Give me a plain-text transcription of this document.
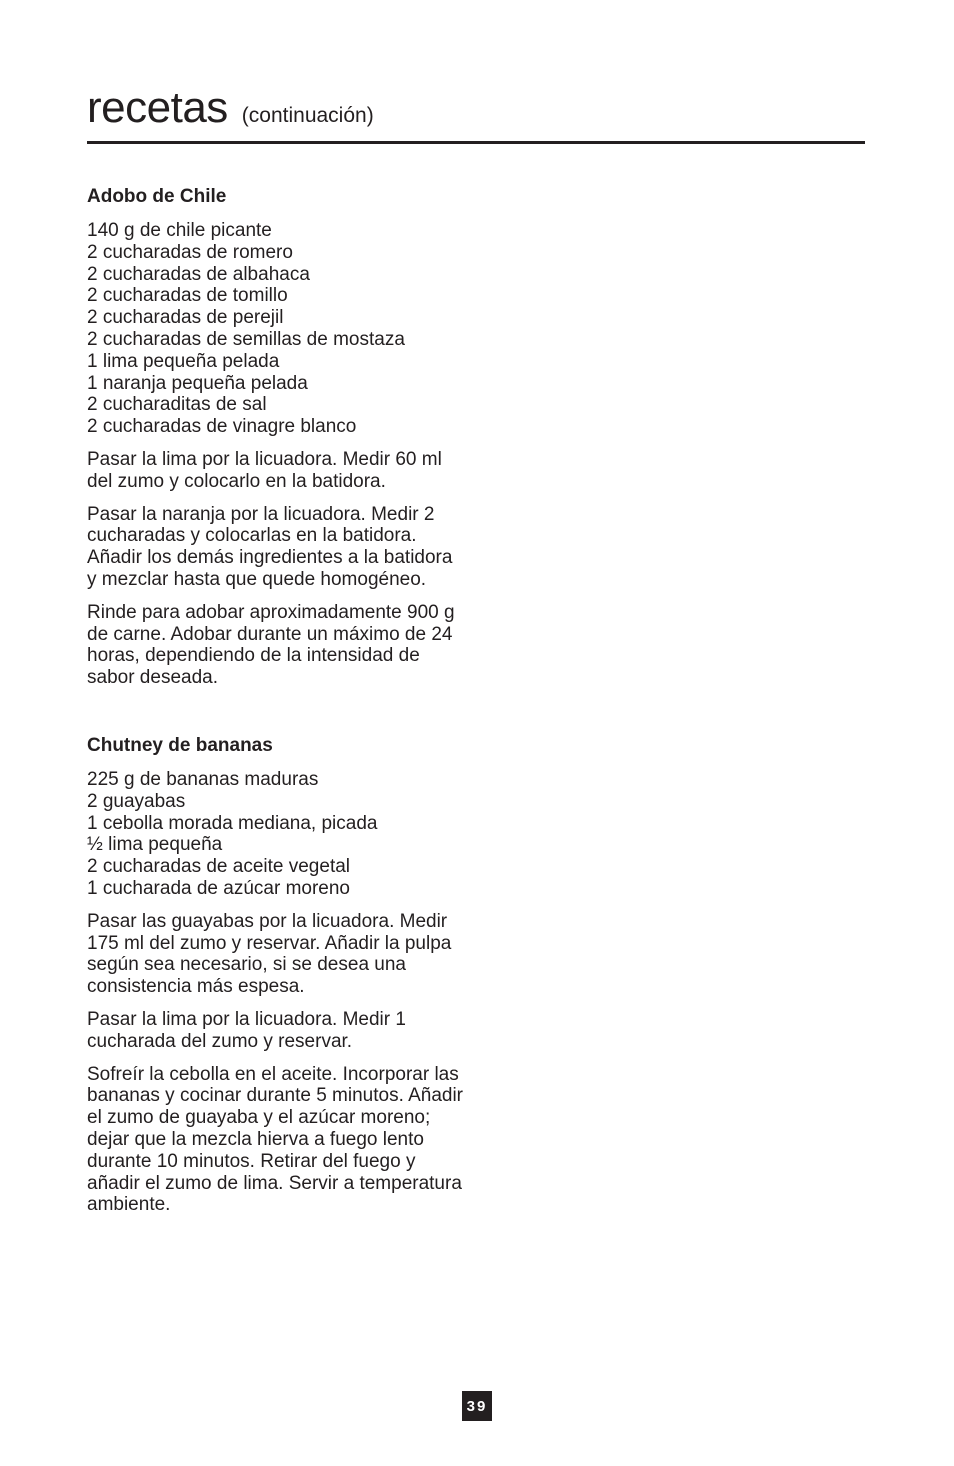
recetas (continuación)
Adobo de Chile
140 g de chile picante
2 cucharadas de romero
2 cucharadas de albahaca
2 cucharadas de tomillo
2 cucharadas de perejil
2 cucharadas de semillas de mostaza
1 lima pequeña pelada
1 naranja pequeña pelada
2 cucharaditas de sal
2 cucharadas de vinagre blanco

Pasar la lima por la licuadora. Medir 60 ml del zumo y colocarlo en la batidora.

Pasar la naranja por la licuadora. Medir 2 cucharadas y colocarlas en la batidora. Añadir los demás ingredientes a la batidora y mezclar hasta que quede homogéneo.

Rinde para adobar aproximadamente 900 g de carne. Adobar durante un máximo de 24 horas, dependiendo de la intensidad de sabor deseada.

Chutney de bananas
225 g de bananas maduras
2 guayabas
1 cebolla morada mediana, picada
½ lima pequeña
2 cucharadas de aceite vegetal
1 cucharada de azúcar moreno

Pasar las guayabas por la licuadora. Medir 175 ml del zumo y reservar. Añadir la pulpa según sea necesario, si se desea una consistencia más espesa.

Pasar la lima por la licuadora. Medir 1 cucharada del zumo y reservar.

Sofreír la cebolla en el aceite. Incorporar las bananas y cocinar durante 5 minutos. Añadir el zumo de guayaba y el azúcar moreno; dejar que la mezcla hierva a fuego lento durante 10 minutos. Retirar del fuego y añadir el zumo de lima. Servir a temperatura ambiente.

39
